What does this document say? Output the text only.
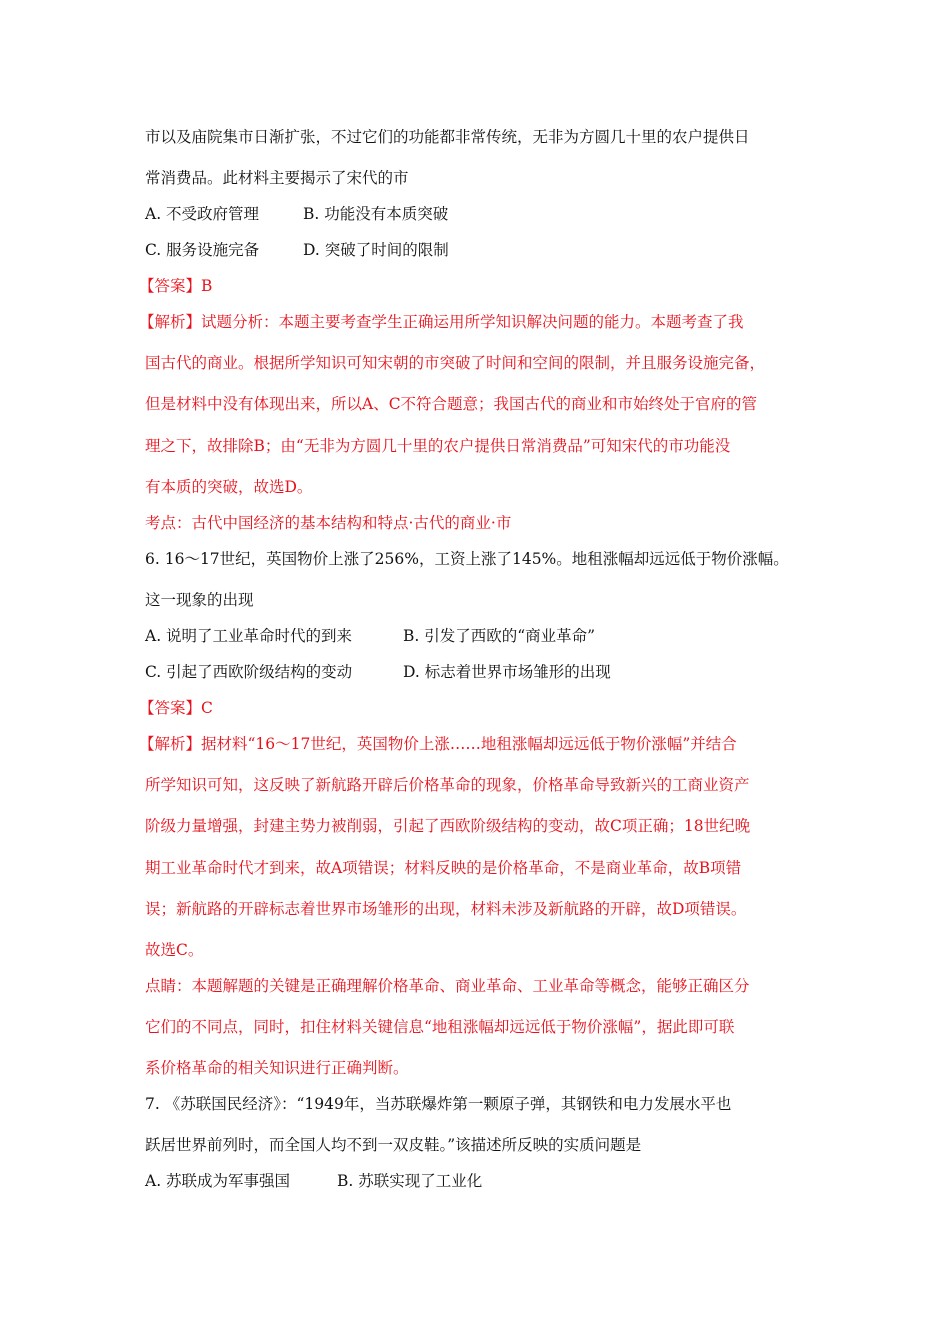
市以及庙院集市日渐扩张，不过它们的功能都非常传统，无非为方圆几十里的农户提供日
常消费品。此材料主要揭示了宋代的市
A. 不受政府管理	B. 功能没有本质突破
C. 服务设施完备	D. 突破了时间的限制
【答案】B
【解析】试题分析：本题主要考查学生正确运用所学知识解决问题的能力。本题考查了我
国古代的商业。根据所学知识可知宋朝的市突破了时间和空间的限制，并且服务设施完备，
但是材料中没有体现出来，所以A、C不符合题意；我国古代的商业和市始终处于官府的管
理之下，故排除B；由“无非为方圆几十里的农户提供日常消费品”可知宋代的市功能没
有本质的突破，故选D。
考点：古代中国经济的基本结构和特点·古代的商业·市
6. 16～17世纪，英国物价上涨了256%，工资上涨了145%。地租涨幅却远远低于物价涨幅。
这一现象的出现
A. 说明了工业革命时代的到来	B. 引发了西欧的“商业革命”
C. 引起了西欧阶级结构的变动	D. 标志着世界市场雏形的出现
【答案】C
【解析】据材料“16～17世纪，英国物价上涨……地租涨幅却远远低于物价涨幅”并结合
所学知识可知，这反映了新航路开辟后价格革命的现象，价格革命导致新兴的工商业资产
阶级力量增强，封建主势力被削弱，引起了西欧阶级结构的变动，故C项正确；18世纪晚
期工业革命时代才到来，故A项错误；材料反映的是价格革命，不是商业革命，故B项错
误；新航路的开辟标志着世界市场雏形的出现，材料未涉及新航路的开辟，故D项错误。
故选C。
点睛：本题解题的关键是正确理解价格革命、商业革命、工业革命等概念，能够正确区分
它们的不同点，同时，扣住材料关键信息“地租涨幅却远远低于物价涨幅”，据此即可联
系价格革命的相关知识进行正确判断。
7. 《苏联国民经济》：“1949年，当苏联爆炸第一颗原子弹，其钢铁和电力发展水平也
跃居世界前列时，而全国人均不到一双皮鞋。”该描述所反映的实质问题是
A. 苏联成为军事强国	B. 苏联实现了工业化
